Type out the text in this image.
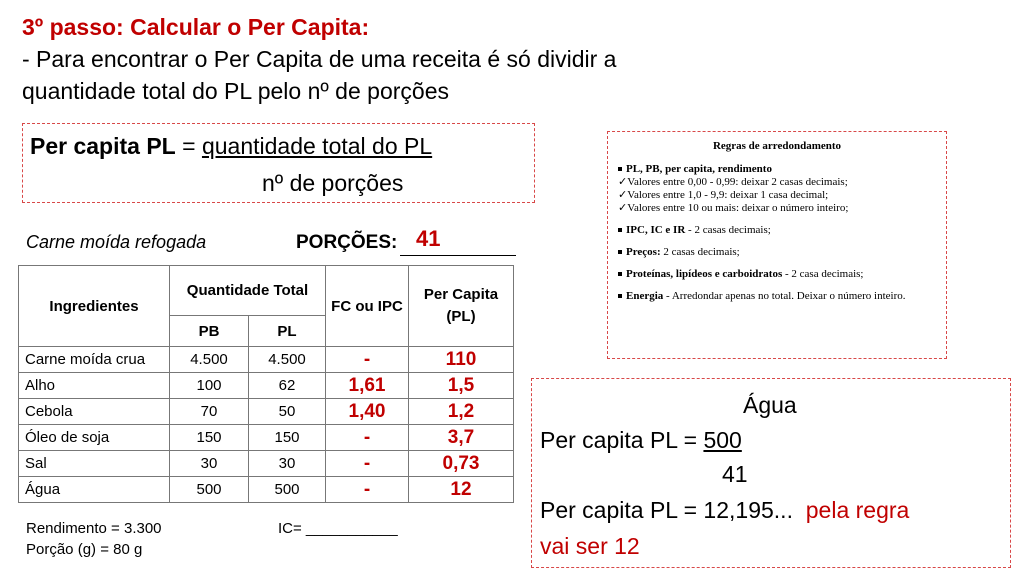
3º passo: Calcular o Per Capita:
- Para encontrar o Per Capita de uma receita é só dividir a
quantidade total do PL pelo nº de porções
Per capita PL = quantidade total do PL
nº de porções
Carne moída refogada	PORÇÕES: 41
Ingredientes	Quantidade Total		FC ou IPC	Per Capita (PL)
	PB	PL		
Carne moída crua	4.500	4.500	-	110
Alho	100	62	1,61	1,5
Cebola	70	50	1,40	1,2
Óleo de soja	150	150	-	3,7
Sal	30	30	-	0,73
Água	500	500	-	12
Rendimento = 3.300
Porção (g) = 80 g
IC= ___________
Regras de arredondamento
PL, PB, per capita, rendimento
✓Valores entre 0,00 - 0,99: deixar 2 casas decimais;
✓Valores entre 1,0 - 9,9: deixar 1 casa decimal;
✓Valores entre 10 ou mais: deixar o número inteiro;
IPC, IC e IR - 2 casas decimais;
Preços: 2 casas decimais;
Proteínas, lipídeos e carboidratos - 2 casa decimais;
Energia - Arredondar apenas no total. Deixar o número inteiro.
Água
Per capita PL = 500
41
Per capita PL = 12,195... pela regra
vai ser 12
